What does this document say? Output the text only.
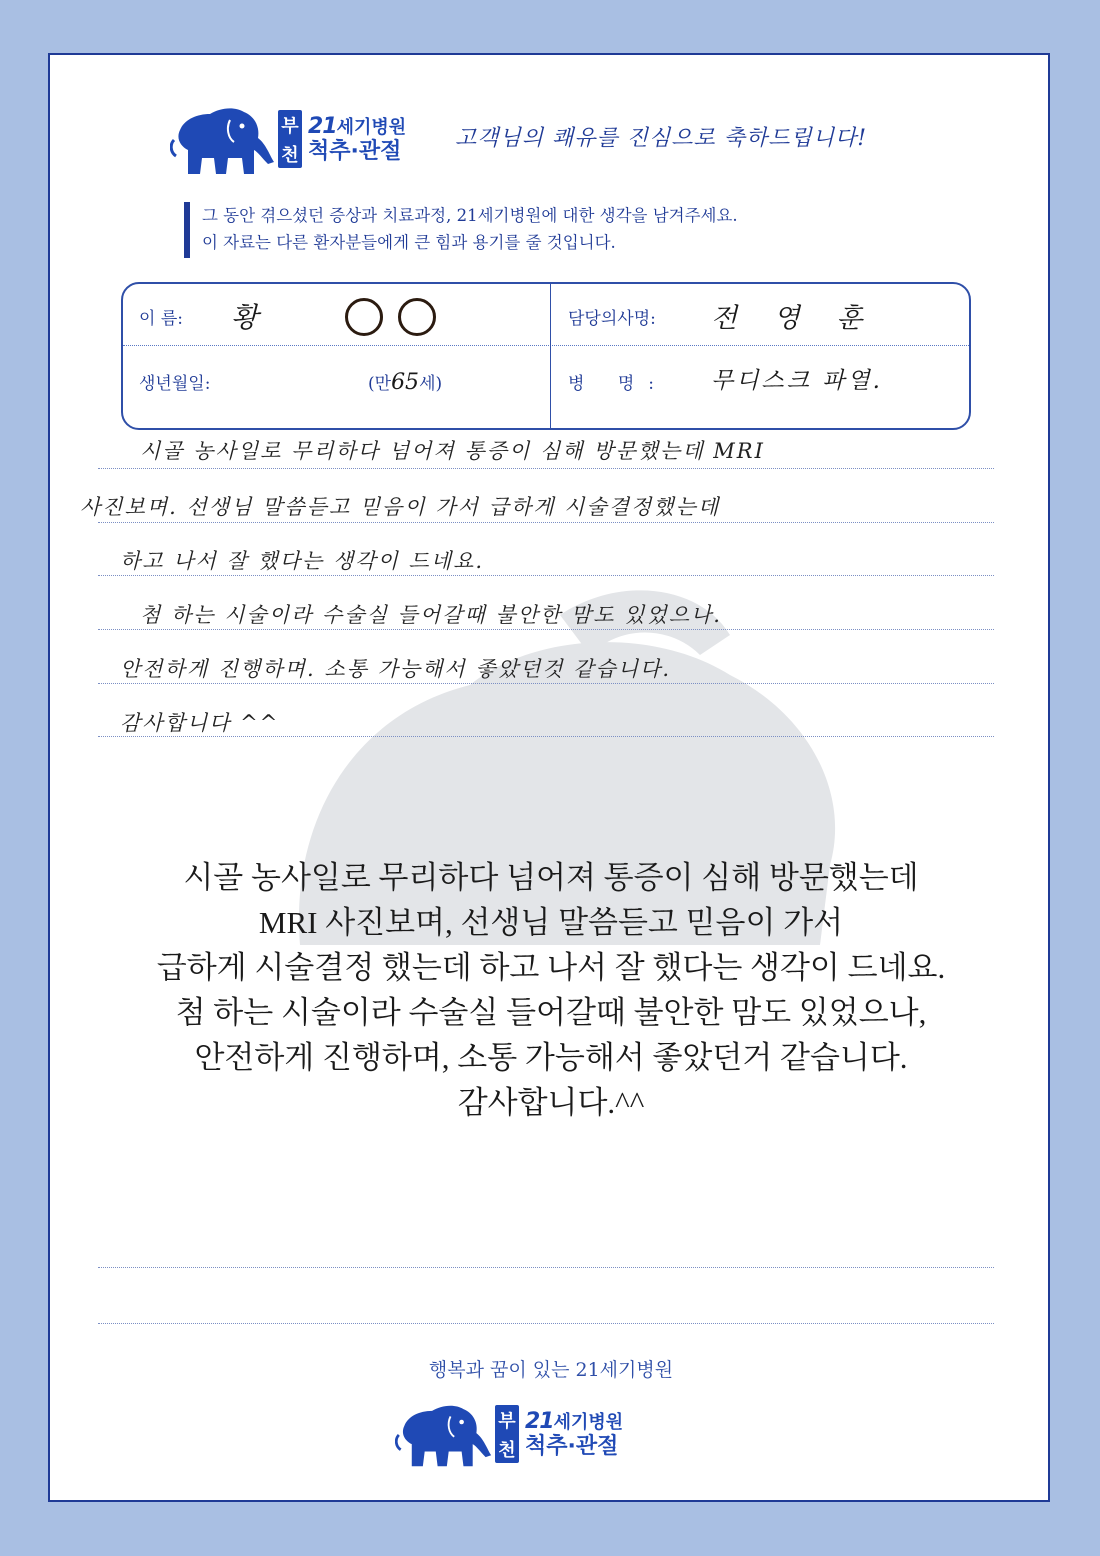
부
천
21세기병원
척추·관절
고객님의 쾌유를 진심으로 축하드립니다!
그 동안 겪으셨던 증상과 치료과정, 21세기병원에 대한 생각을 남겨주세요.
이 자료는 다른 환자분들에게 큰 힘과 용기를 줄 것입니다.
이 름: 황	담당의사명: 전 영 훈
생년월일:	(만65세)	병 명: 무디스크 파열.
시골 농사일로 무리하다 넘어져 통증이 심해 방문했는데 MRI
사진보며. 선생님 말씀듣고 믿음이 가서 급하게 시술결정했는데
하고 나서 잘 했다는 생각이 드네요.
첨 하는 시술이라 수술실 들어갈때 불안한 맘도 있었으나.
안전하게 진행하며. 소통 가능해서 좋았던것 같습니다.
감사합니다 ^^
시골 농사일로 무리하다 넘어져 통증이 심해 방문했는데
MRI 사진보며, 선생님 말씀듣고 믿음이 가서
급하게 시술결정 했는데 하고 나서 잘 했다는 생각이 드네요.
첨 하는 시술이라 수술실 들어갈때 불안한 맘도 있었으나,
안전하게 진행하며, 소통 가능해서 좋았던거 같습니다.
감사합니다.^^
행복과 꿈이 있는 21세기병원
부
천
21세기병원
척추·관절
